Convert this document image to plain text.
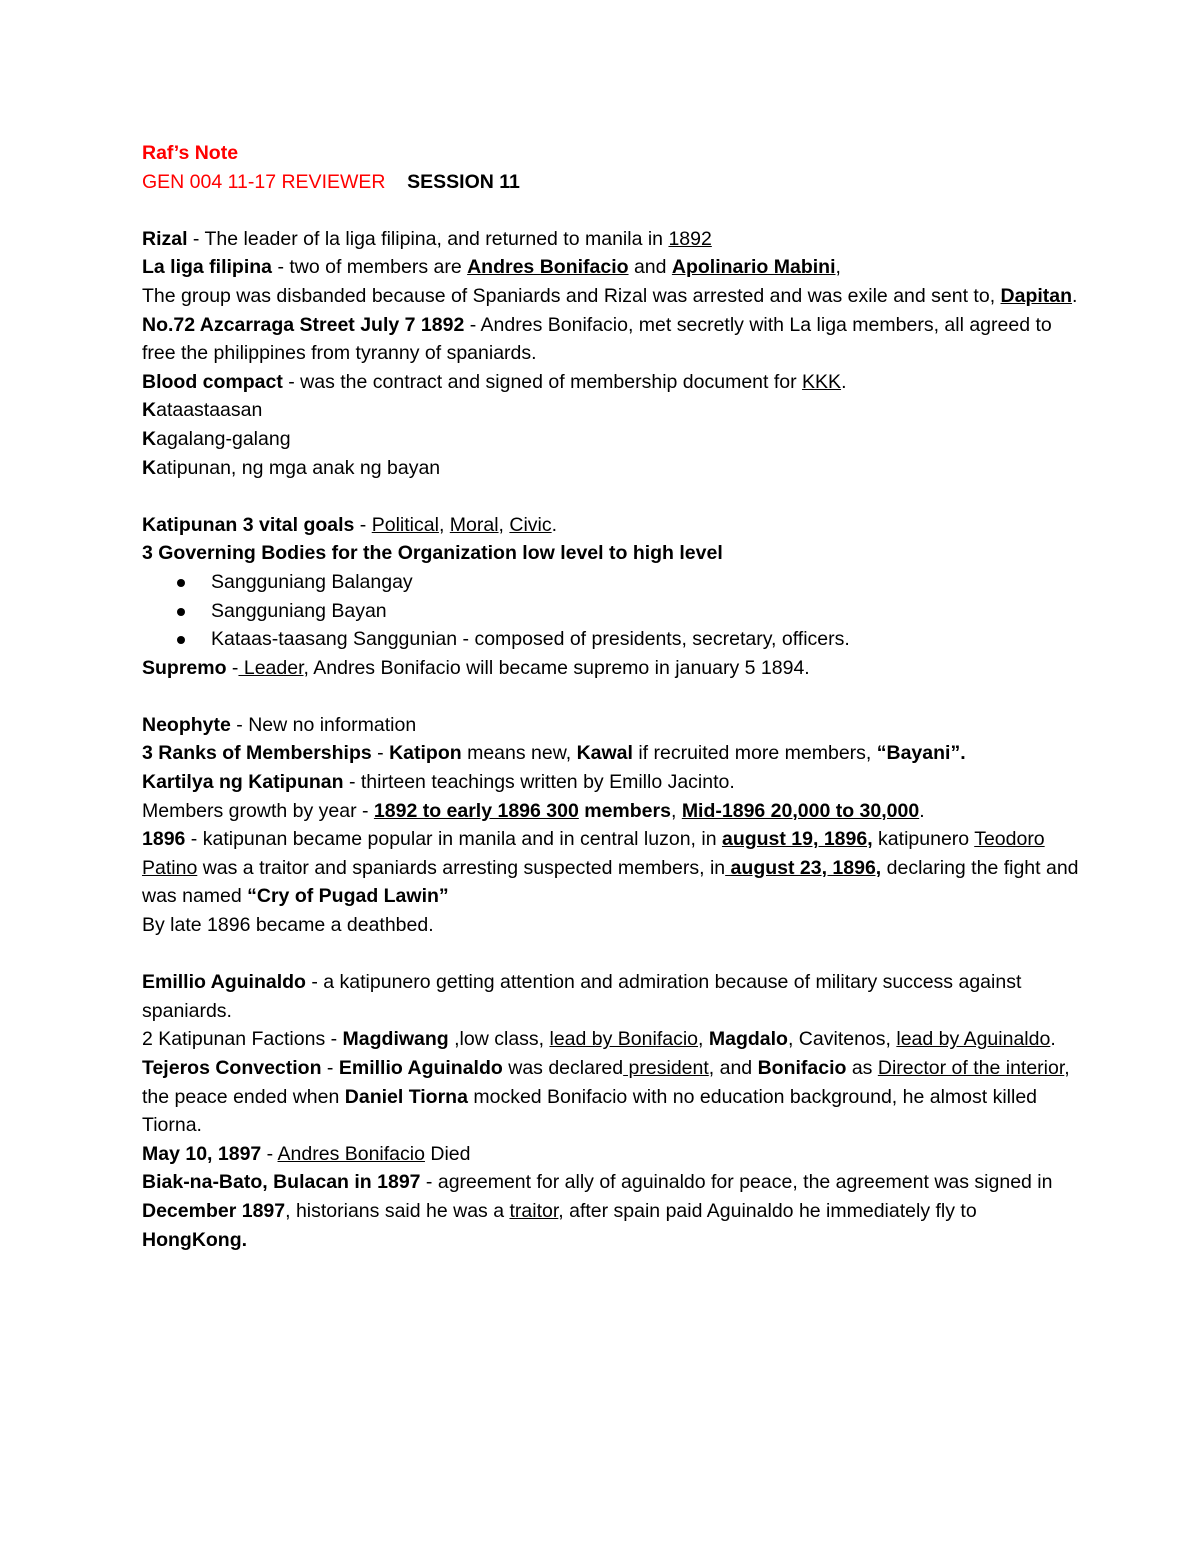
Raf’s Note
GEN 004 11-17 REVIEWER SESSION 11
Rizal - The leader of la liga filipina, and returned to manila in 1892
La liga filipina - two of members are Andres Bonifacio and Apolinario Mabini,
The group was disbanded because of Spaniards and Rizal was arrested and was exile and sent to, Dapitan.
No.72 Azcarraga Street July 7 1892 - Andres Bonifacio, met secretly with La liga members, all agreed to free the philippines from tyranny of spaniards.
Blood compact - was the contract and signed of membership document for KKK.
Kataastaasan
Kagalang-galang
Katipunan, ng mga anak ng bayan
Katipunan 3 vital goals - Political, Moral, Civic.
3 Governing Bodies for the Organization low level to high level
Sangguniang Balangay
Sangguniang Bayan
Kataas-taasang Sanggunian - composed of presidents, secretary, officers.
Supremo - Leader, Andres Bonifacio will became supremo in january 5 1894.
Neophyte - New no information
3 Ranks of Memberships - Katipon means new, Kawal if recruited more members, “Bayani”.
Kartilya ng Katipunan - thirteen teachings written by Emillo Jacinto.
Members growth by year - 1892 to early 1896 300 members, Mid-1896 20,000 to 30,000.
1896 - katipunan became popular in manila and in central luzon, in august 19, 1896, katipunero Teodoro Patino was a traitor and spaniards arresting suspected members, in august 23, 1896, declaring the fight and was named “Cry of Pugad Lawin”
By late 1896 became a deathbed.
Emillio Aguinaldo - a katipunero getting attention and admiration because of military success against spaniards.
2 Katipunan Factions - Magdiwang ,low class, lead by Bonifacio, Magdalo, Cavitenos, lead by Aguinaldo.
Tejeros Convection - Emillio Aguinaldo was declared president, and Bonifacio as Director of the interior, the peace ended when Daniel Tiorna mocked Bonifacio with no education background, he almost killed Tiorna.
May 10, 1897 - Andres Bonifacio Died
Biak-na-Bato, Bulacan in 1897 - agreement for ally of aguinaldo for peace, the agreement was signed in December 1897, historians said he was a traitor, after spain paid Aguinaldo he immediately fly to HongKong.
